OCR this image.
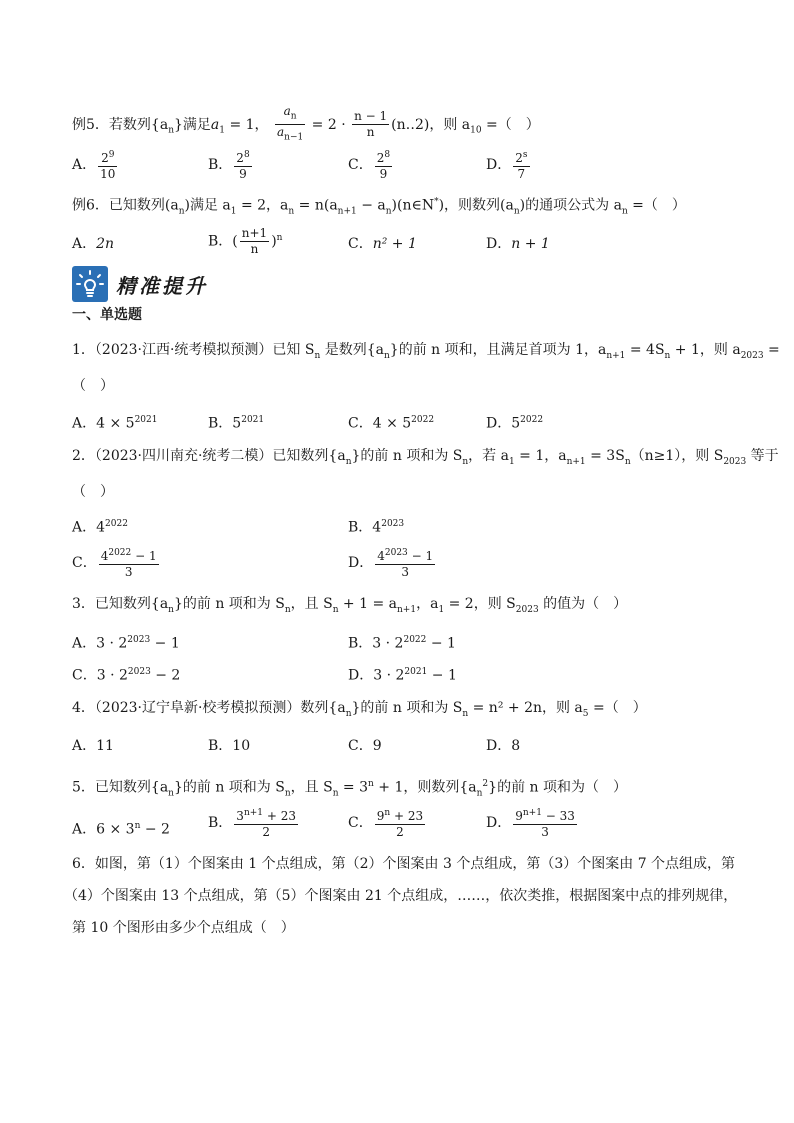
例5．若数列$\{a_n\}$满足$a_1 = 1$， $\frac{a_n}{a_{n-1}} = 2 \cdot \frac{n - 1}{n}$ (n‥2)，则 $a_{10}$ =（　）
A． $\frac{2^9}{10}$	B． $\frac{2^8}{9}$	C． $\frac{2^8}{9}$	D． $\frac{2^s}{7}$
例6．已知数列$(a_n)$满足 $a_1 = 2$，$a_n = n(a_{n+1}$ − $a_n)(n\in N^*)$，则数列$(a_n)$的通项公式为 $a_n$ =（　）
A．2n	B．( $\frac{n+1}{n} )^n$	C．n² + 1	D．n + 1
精准提升
一、单选题
1．（2023·江西·统考模拟预测）已知 $S_n$ 是数列$\{a_n\}$的前 n 项和，且满足首项为 1，$a_{n+1} = 4S_n + 1$，则 $a_{2023}$ =
（　）
A．$4 \times 5^{2021}$	B．$5^{2021}$	C．$4 \times 5^{2022}$	D．$5^{2022}$
2．（2023·四川南充·统考二模）已知数列$\{a_n\}$的前 n 项和为 $S_n$，若 $a_1 = 1$，$a_{n+1} = 3S_n(n\ge 1)$，则 $S_{2023}$ 等于
（　）
A．$4^{2022}$	B．$4^{2023}$
C． $\frac{4^{2022} - 1}{3}$	D． $\frac{4^{2023} - 1}{3}$
3．已知数列$\{a_n\}$的前 n 项和为 $S_n$，且 $S_n + 1 = a_{n+1}$，$a_1 = 2$，则 $S_{2023}$ 的值为（　）
A．$3 \cdot 2^{2023} - 1$	B．$3 \cdot 2^{2022} - 1$
C．$3 \cdot 2^{2023} - 2$	D．$3 \cdot 2^{2021} - 1$
4．（2023·辽宁阜新·校考模拟预测）数列$\{a_n\}$的前 n 项和为 $S_n = n^2 + 2n$，则 $a_5$ =（　）
A．11	B．10	C．9	D．8
5．已知数列$\{a_n\}$的前 n 项和为 $S_n$，且 $S_n = 3^n + 1$，则数列$\{a_n^2\}$的前 n 项和为（　）
A．$6 \times 3^n - 2$	B． $\frac{3^{n+1} + 23}{2}$	C． $\frac{9^n + 23}{2}$	D． $\frac{9^{n+1} - 33}{3}$
6．如图，第（1）个图案由 1 个点组成，第（2）个图案由 3 个点组成，第（3）个图案由 7 个点组成，第
（4）个图案由 13 个点组成，第（5）个图案由 21 个点组成，……，依次类推，根据图案中点的排列规律，
第 10 个图形由多少个点组成（　）
